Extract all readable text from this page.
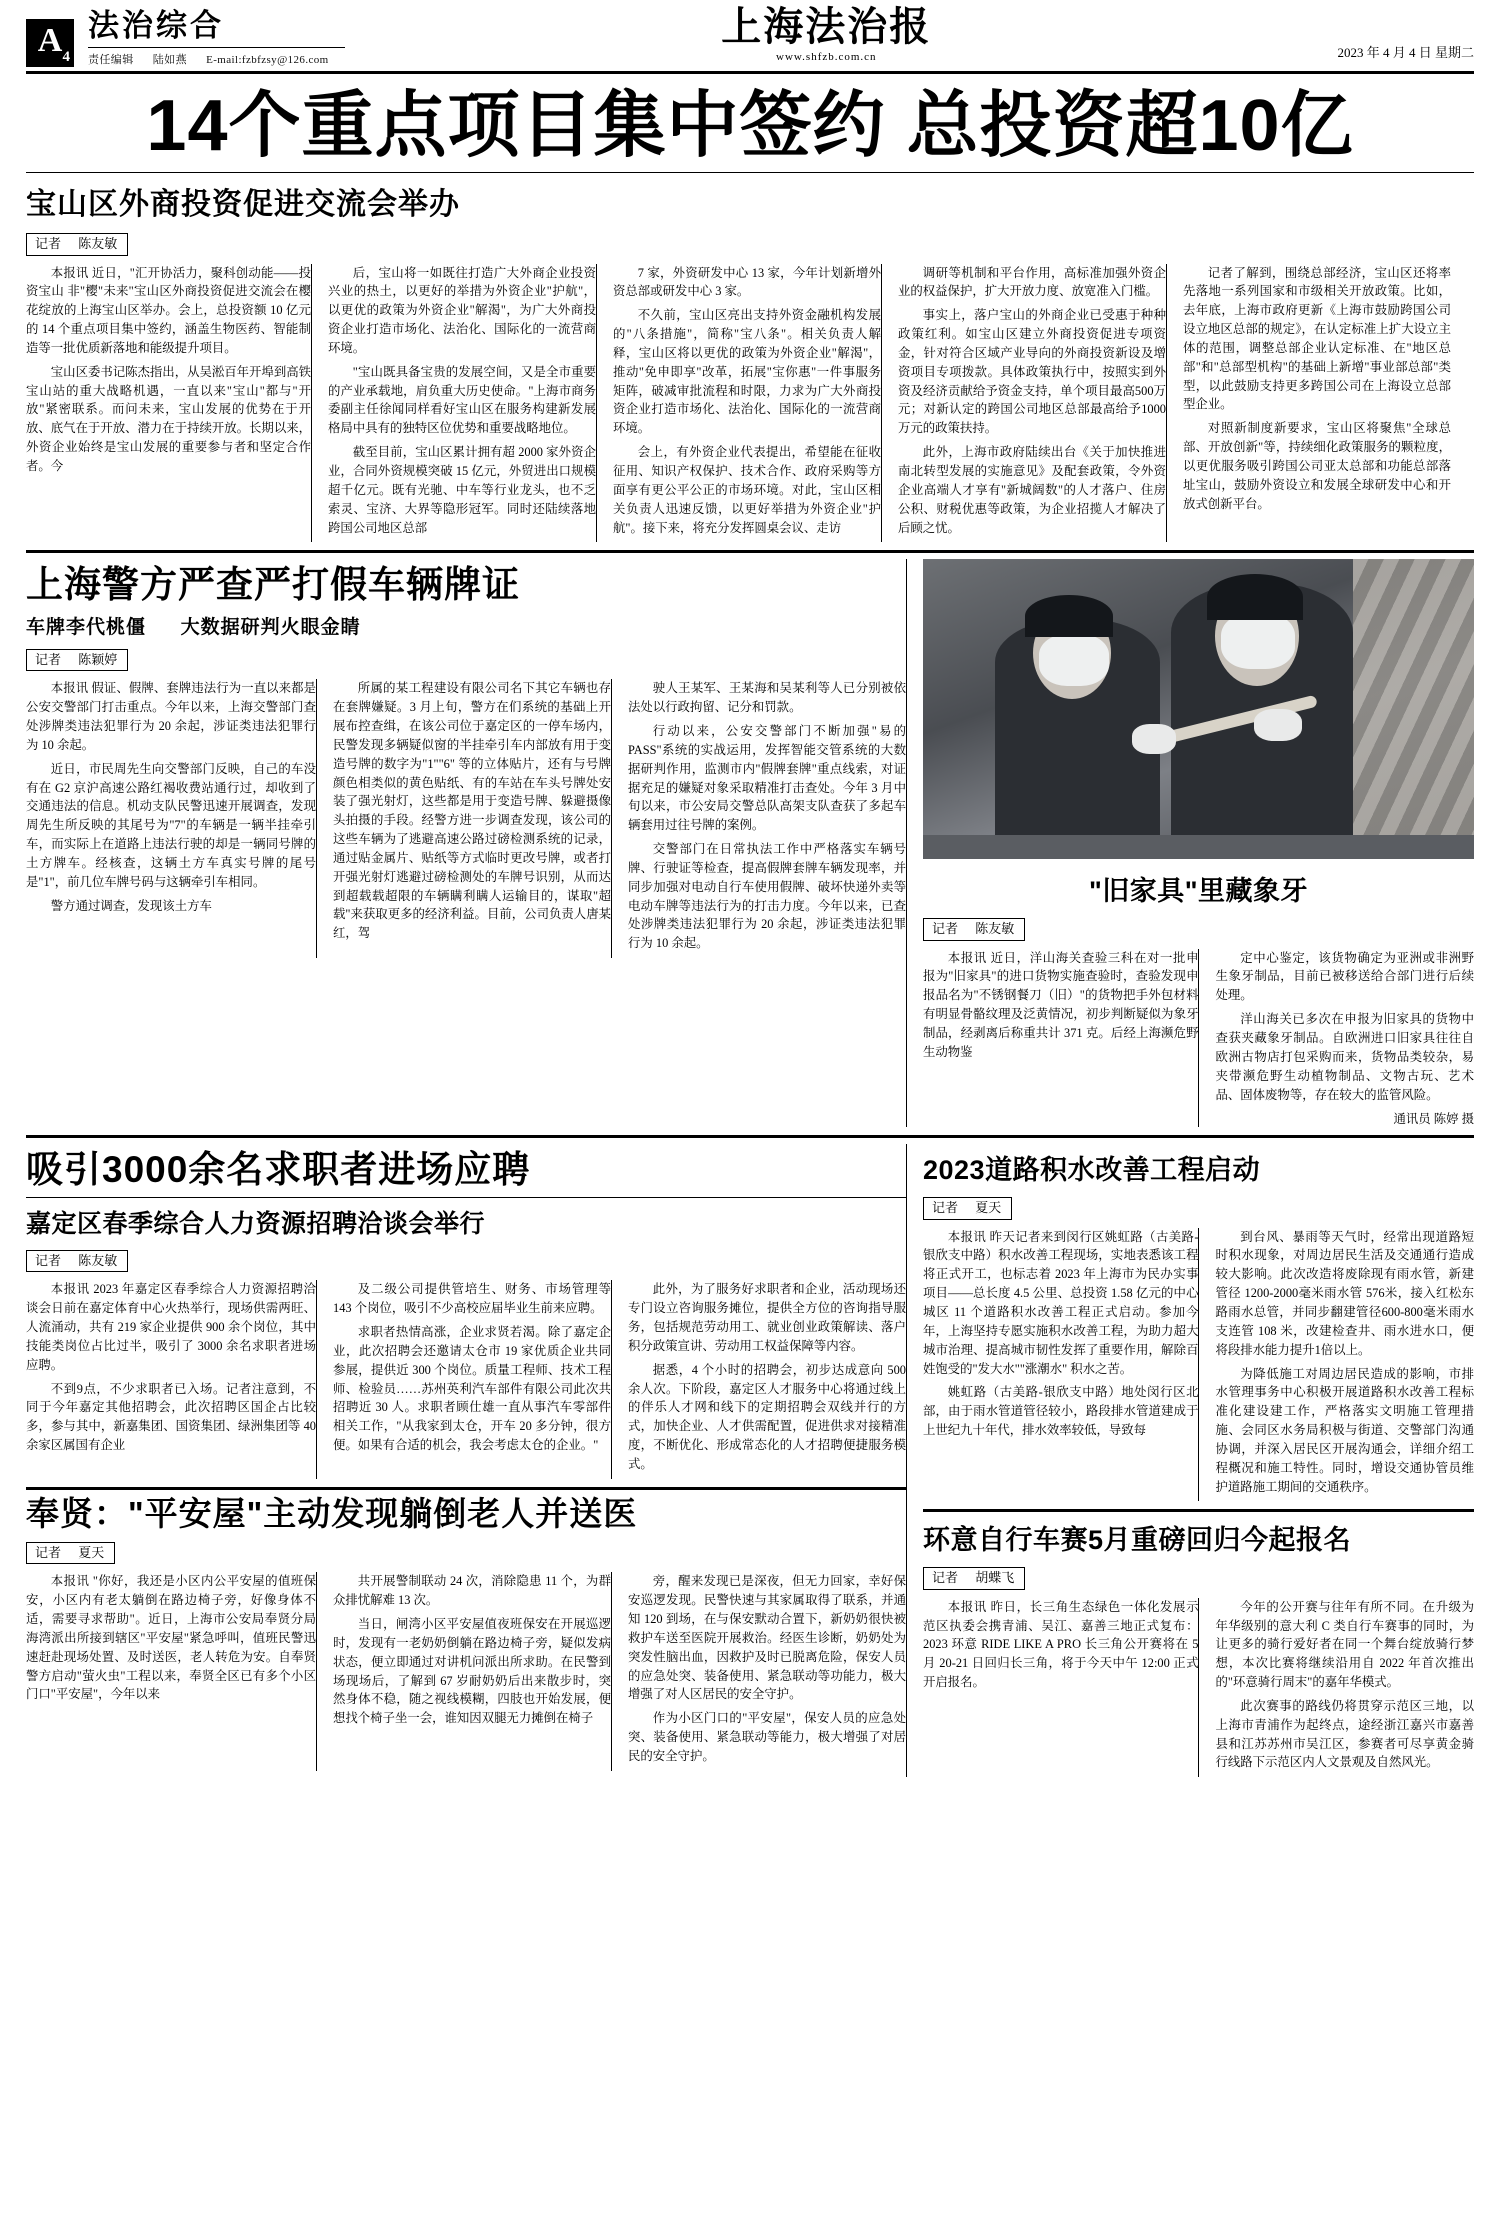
A 4
法治综合
责任编辑 陆如燕 E-mail:fzbfzsy@126.com
上海法治报
www.shfzb.com.cn	2023 年 4 月 4 日 星期二
14个重点项目集中签约 总投资超10亿
宝山区外商投资促进交流会举办
记者 陈友敏

本报讯 近日，"汇开协活力，聚科创动能——投资宝山 非"樱"未来"宝山区外商投资促进交流会在樱花绽放的上海宝山区举办。会上，总投资额 10 亿元的 14 个重点项目集中签约，涵盖生物医药、智能制造等一批优质新落地和能级提升项目。

宝山区委书记陈杰指出，从吴淞百年开埠到高铁宝山站的重大战略机遇，一直以来"宝山"都与"开放"紧密联系。而问未来，宝山发展的优势在于开放、底气在于开放、潜力在于持续开放。长期以来，外资企业始终是宝山发展的重要参与者和坚定合作者。今

后，宝山将一如既往打造广大外商企业投资兴业的热土，以更好的举措为外资企业"护航"，以更优的政策为外资企业"解渴"，为广大外商投资企业打造市场化、法治化、国际化的一流营商环境。

"宝山既具备宝贵的发展空间，又是全市重要的产业承载地，肩负重大历史使命。"上海市商务委副主任徐闻同样看好宝山区在服务构建新发展格局中具有的独特区位优势和重要战略地位。

截至目前，宝山区累计拥有超 2000 家外资企业，合同外资规模突破 15 亿元，外贸进出口规模超千亿元。既有光驰、中车等行业龙头，也不乏索灵、宝济、大界等隐形冠军。同时还陆续落地跨国公司地区总部

7 家，外资研发中心 13 家，今年计划新增外资总部或研发中心 3 家。

不久前，宝山区亮出支持外资金融机构发展的"八条措施"，简称"宝八条"。相关负责人解释，宝山区将以更优的政策为外资企业"解渴"，推动"免申即享"改革，拓展"宝你惠"一件事服务矩阵，破减审批流程和时限，力求为广大外商投资企业打造市场化、法治化、国际化的一流营商环境。

会上，有外资企业代表提出，希望能在征收征用、知识产权保护、技术合作、政府采购等方面享有更公平公正的市场环境。对此，宝山区相关负责人迅速反馈，以更好举措为外资企业"护航"。接下来，将充分发挥圆桌会议、走访

调研等机制和平台作用，高标准加强外资企业的权益保护，扩大开放力度、放宽准入门槛。

事实上，落户宝山的外商企业已受惠于种种政策红利。如宝山区建立外商投资促进专项资金，针对符合区域产业导向的外商投资新设及增资项目专项拨款。具体政策执行中，按照实到外资及经济贡献给予资金支持，单个项目最高500万元；对新认定的跨国公司地区总部最高给予1000万元的政策扶持。

此外，上海市政府陆续出台《关于加快推进南北转型发展的实施意见》及配套政策，令外资企业高端人才享有"新城阔数"的人才落户、住房公积、财税优惠等政策，为企业招揽人才解决了后顾之忧。

记者了解到，围绕总部经济，宝山区还将率先落地一系列国家和市级相关开放政策。比如，去年底，上海市政府更新《上海市鼓励跨国公司设立地区总部的规定》，在认定标准上扩大设立主体的范围，调整总部企业认定标准、在"地区总部"和"总部型机构"的基础上新增"事业部总部"类型，以此鼓励支持更多跨国公司在上海设立总部型企业。

对照新制度新要求，宝山区将聚焦"全球总部、开放创新"等，持续细化政策服务的颗粒度，以更优服务吸引跨国公司亚太总部和功能总部落址宝山，鼓励外资设立和发展全球研发中心和开放式创新平台。

上海警方严查严打假车辆牌证
车牌李代桃僵 大数据研判火眼金睛
记者 陈颖婷

本报讯 假证、假牌、套牌违法行为一直以来都是公安交警部门打击重点。今年以来，上海交警部门查处涉牌类违法犯罪行为 20 余起，涉证类违法犯罪行为 10 余起。

近日，市民周先生向交警部门反映，自己的车没有在 G2 京沪高速公路红褐收费站通行过，却收到了交通违法的信息。机动支队民警迅速开展调查，发现周先生所反映的其尾号为"7"的车辆是一辆半挂牵引车，而实际上在道路上违法行驶的却是一辆同号牌的土方牌车。经核查，这辆土方车真实号牌的尾号是"1"，前几位车牌号码与这辆牵引车相同。

警方通过调查，发现该土方车

所属的某工程建设有限公司名下其它车辆也存在套牌嫌疑。3 月上旬，警方在们系统的基础上开展布控查缉，在该公司位于嘉定区的一停车场内，民警发现多辆疑似窗的半挂牵引车内部放有用于变造号牌的数字为"1""6" 等的立体贴片，还有与号牌颜色相类似的黄色贴纸、有的车站在车头号牌处安装了强光射灯，这些都是用于变造号牌、躲避摄像头拍摄的手段。经警方进一步调查发现，该公司的这些车辆为了逃避高速公路过磅检测系统的记录，通过贴金属片、贴纸等方式临时更改号牌，或者打开强光射灯逃避过磅检测处的车牌号识别，从而达到超载载超限的车辆瞒利瞒人运输目的，谋取"超载"来获取更多的经济利益。目前，公司负责人唐某红，驾

驶人王某军、王某海和吴某利等人已分别被依法处以行政拘留、记分和罚款。

行动以来，公安交警部门不断加强"易的 PASS"系统的实战运用，发挥智能交管系统的大数据研判作用，监测市内"假牌套牌"重点线索，对证据充足的嫌疑对象采取精准打击查处。今年 3 月中旬以来，市公安局交警总队高架支队查获了多起车辆套用过往号牌的案例。

交警部门在日常执法工作中严格落实车辆号牌、行驶证等检查，提高假牌套牌车辆发现率，并同步加强对电动自行车使用假牌、破坏快递外卖等电动车牌等违法行为的打击力度。今年以来，已查处涉牌类违法犯罪行为 20 余起，涉证类违法犯罪行为 10 余起。

"旧家具"里藏象牙
记者 陈友敏

本报讯 近日，洋山海关查验三科在对一批申报为"旧家具"的进口货物实施查验时，查验发现申报品名为"不锈钢餐刀（旧）"的货物把手外包材料有明显骨骼纹理及泛黄情况，初步判断疑似为象牙制品，经剥离后称重共计 371 克。后经上海濒危野生动物鉴

定中心鉴定，该货物确定为亚洲或非洲野生象牙制品，目前已被移送给合部门进行后续处理。

洋山海关已多次在申报为旧家具的货物中查获夹藏象牙制品。自欧洲进口旧家具往往自欧洲古物店打包采购而来，货物品类较杂，易夹带濒危野生动植物制品、文物古玩、艺术品、固体废物等，存在较大的监管风险。

通讯员 陈婷 摄
吸引3000余名求职者进场应聘
嘉定区春季综合人力资源招聘洽谈会举行
记者 陈友敏

本报讯 2023 年嘉定区春季综合人力资源招聘洽谈会日前在嘉定体育中心火热举行，现场供需两旺、人流涌动，共有 219 家企业提供 900 余个岗位，其中技能类岗位占比过半，吸引了 3000 余名求职者进场应聘。

不到9点，不少求职者已入场。记者注意到，不同于今年嘉定其他招聘会，此次招聘区国企占比较多，参与其中，新嘉集团、国资集团、绿洲集团等 40 余家区属国有企业

及二级公司提供管培生、财务、市场管理等 143 个岗位，吸引不少高校应届毕业生前来应聘。

求职者热情高涨，企业求贤若渴。除了嘉定企业，此次招聘会还邀请太仓市 19 家优质企业共同参展，提供近 300 个岗位。质量工程师、技术工程师、检验员……苏州英利汽车部件有限公司此次共招聘近 30 人。求职者顾仕雄一直从事汽车零部件相关工作，"从我家到太仓，开车 20 多分钟，很方便。如果有合适的机会，我会考虑太仓的企业。"

此外，为了服务好求职者和企业，活动现场还专门设立咨询服务摊位，提供全方位的咨询指导服务，包括规范劳动用工、就业创业政策解读、落户积分政策宣讲、劳动用工权益保障等内容。

据悉，4 个小时的招聘会，初步达成意向 500 余人次。下阶段，嘉定区人才服务中心将通过线上的伴乐人才网和线下的定期招聘会双线并行的方式，加快企业、人才供需配置，促进供求对接精准度，不断优化、形成常态化的人才招聘便捷服务模式。

奉贤："平安屋"主动发现躺倒老人并送医
记者 夏天

本报讯 "你好，我还是小区内公平安屋的值班保安，小区内有老太躺倒在路边椅子旁，好像身体不适，需要寻求帮助"。近日，上海市公安局奉贤分局海湾派出所接到辖区"平安屋"紧急呼叫，值班民警迅速赶赴现场处置、及时送医，老人转危为安。自奉贤警方启动"萤火虫"工程以来，奉贤全区已有多个小区门口"平安屋"，今年以来

共开展警制联动 24 次，消除隐患 11 个，为群众排忧解难 13 次。

当日，闸湾小区平安屋值夜班保安在开展巡逻时，发现有一老奶奶倒躺在路边椅子旁，疑似发病状态，便立即通过对讲机问派出所求助。在民警到场现场后，了解到 67 岁耐奶奶后出来散步时，突然身体不稳，随之视线模糊，四肢也开始发展，便想找个椅子坐一会，谁知因双腿无力摊倒在椅子

旁，醒来发现已是深夜，但无力回家，幸好保安巡逻发现。民警快速与其家属取得了联系，并通知 120 到场，在与保安默动合置下，新奶奶很快被救护车送至医院开展救治。经医生诊断，奶奶处为突发性脑出血，因救护及时已脱离危险，保安人员的应急处突、装备使用、紧急联动等功能力，极大增强了对人区居民的安全守护。

作为小区门口的"平安屋"，保安人员的应急处突、装备使用、紧急联动等能力，极大增强了对居民的安全守护。

2023道路积水改善工程启动
记者 夏天

本报讯 昨天记者来到闵行区姚虹路（古美路-银欣支中路）积水改善工程现场，实地表悉该工程将正式开工，也标志着 2023 年上海市为民办实事项目——总长度 4.5 公里、总投资 1.58 亿元的中心城区 11 个道路积水改善工程正式启动。参加今年，上海坚持专愿实施积水改善工程，为助力超大城市治理、提高城市韧性发挥了重要作用，解除百姓饱受的"发大水""涨潮水" 积水之苦。

姚虹路（古美路-银欣支中路）地处闵行区北部，由于雨水管道管径较小，路段排水管道建成于上世纪九十年代，排水效率较低，导致每

到台风、暴雨等天气时，经常出现道路短时积水现象，对周边居民生活及交通通行造成较大影响。此次改造将废除现有雨水管，新建管径 1200-2000毫米雨水管 576米，接入红松东路雨水总管，并同步翻建管径600-800毫米雨水支连管 108 米，改建检查井、雨水进水口，便将段排水能力提升1倍以上。

为降低施工对周边居民造成的影响，市排水管理事务中心积极开展道路积水改善工程标准化建设建工作，严格落实文明施工管理措施、会同区水务局积极与街道、交警部门沟通协调，并深入居民区开展沟通会，详细介绍工程概况和施工特性。同时，增设交通协管员维护道路施工期间的交通秩序。

环意自行车赛5月重磅回归今起报名
记者 胡蝶飞

本报讯 昨日，长三角生态绿色一体化发展示范区执委会携青浦、吴江、嘉善三地正式复布：2023 环意 RIDE LIKE A PRO 长三角公开赛将在 5 月 20-21 日回归长三角，将于今天中午 12:00 正式开启报名。

今年的公开赛与往年有所不同。在升级为年华级别的意大利 C 类自行车赛事的同时，为让更多的骑行爱好者在同一个舞台绽放骑行梦想，本次比赛将继续沿用自 2022 年首次推出的"环意骑行周末"的嘉年华模式。

此次赛事的路线仍将贯穿示范区三地，以上海市青浦作为起终点，途经浙江嘉兴市嘉善县和江苏苏州市吴江区，参赛者可尽享黄金骑行线路下示范区内人文景观及自然风光。
